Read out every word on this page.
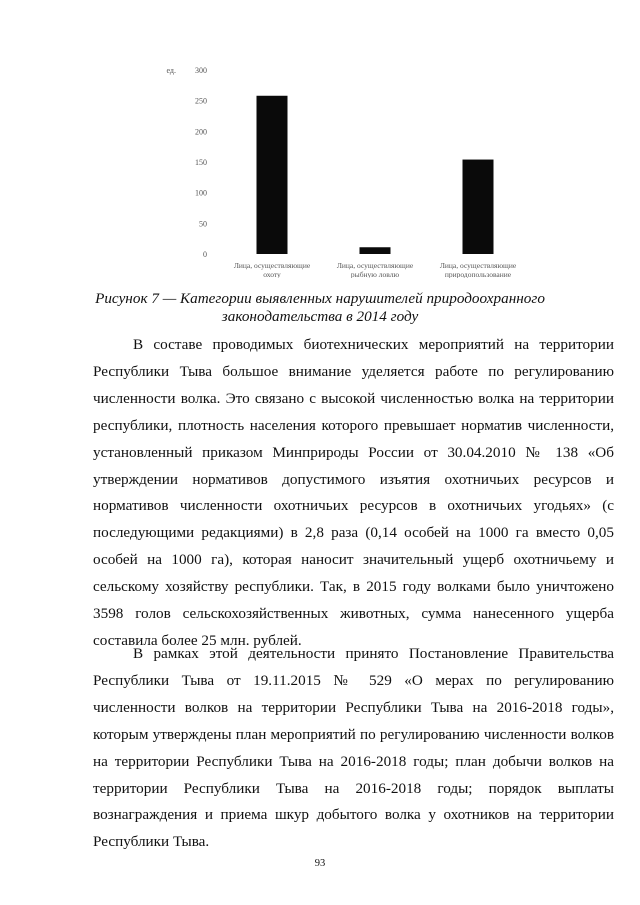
ед.
0
50
100
150
200
250
300
Лица, осуществляющие охоту
Лица, осуществляющие рыбную ловлю
Лица, осуществляющие природопользование

Рисунок 7 — Категории выявленных нарушителей природоохранного

законодательства в 2014 году

В составе проводимых биотехнических мероприятий на территории
Республики Тыва большое внимание уделяется работе по регулированию
численности волка. Это связано с высокой численностью волка на территории
республики, плотность населения которого превышает норматив численности,
установленный приказом Минприроды России от 30.04.2010 № 138 «Об
утверждении нормативов допустимого изъятия охотничьих ресурсов и
нормативов численности охотничьих ресурсов в охотничьих угодьях» (с
последующими редакциями) в 2,8 раза (0,14 особей на 1000 га вместо 0,05
особей на 1000 га), которая наносит значительный ущерб охотничьему и
сельскому хозяйству республики. Так, в 2015 году волками было уничтожено
3598 голов сельскохозяйственных животных, сумма нанесенного ущерба
составила более 25 млн. рублей.
В рамках этой деятельности принято Постановление Правительства
Республики Тыва от 19.11.2015 № 529 «О мерах по регулированию
численности волков на территории Республики Тыва на 2016-2018 годы»,
которым утверждены план мероприятий по регулированию численности волков
на территории Республики Тыва на 2016-2018 годы; план добычи волков на
территории Республики Тыва на 2016-2018 годы; порядок выплаты
вознаграждения и приема шкур добытого волка у охотников на территории
Республики Тыва.
93
